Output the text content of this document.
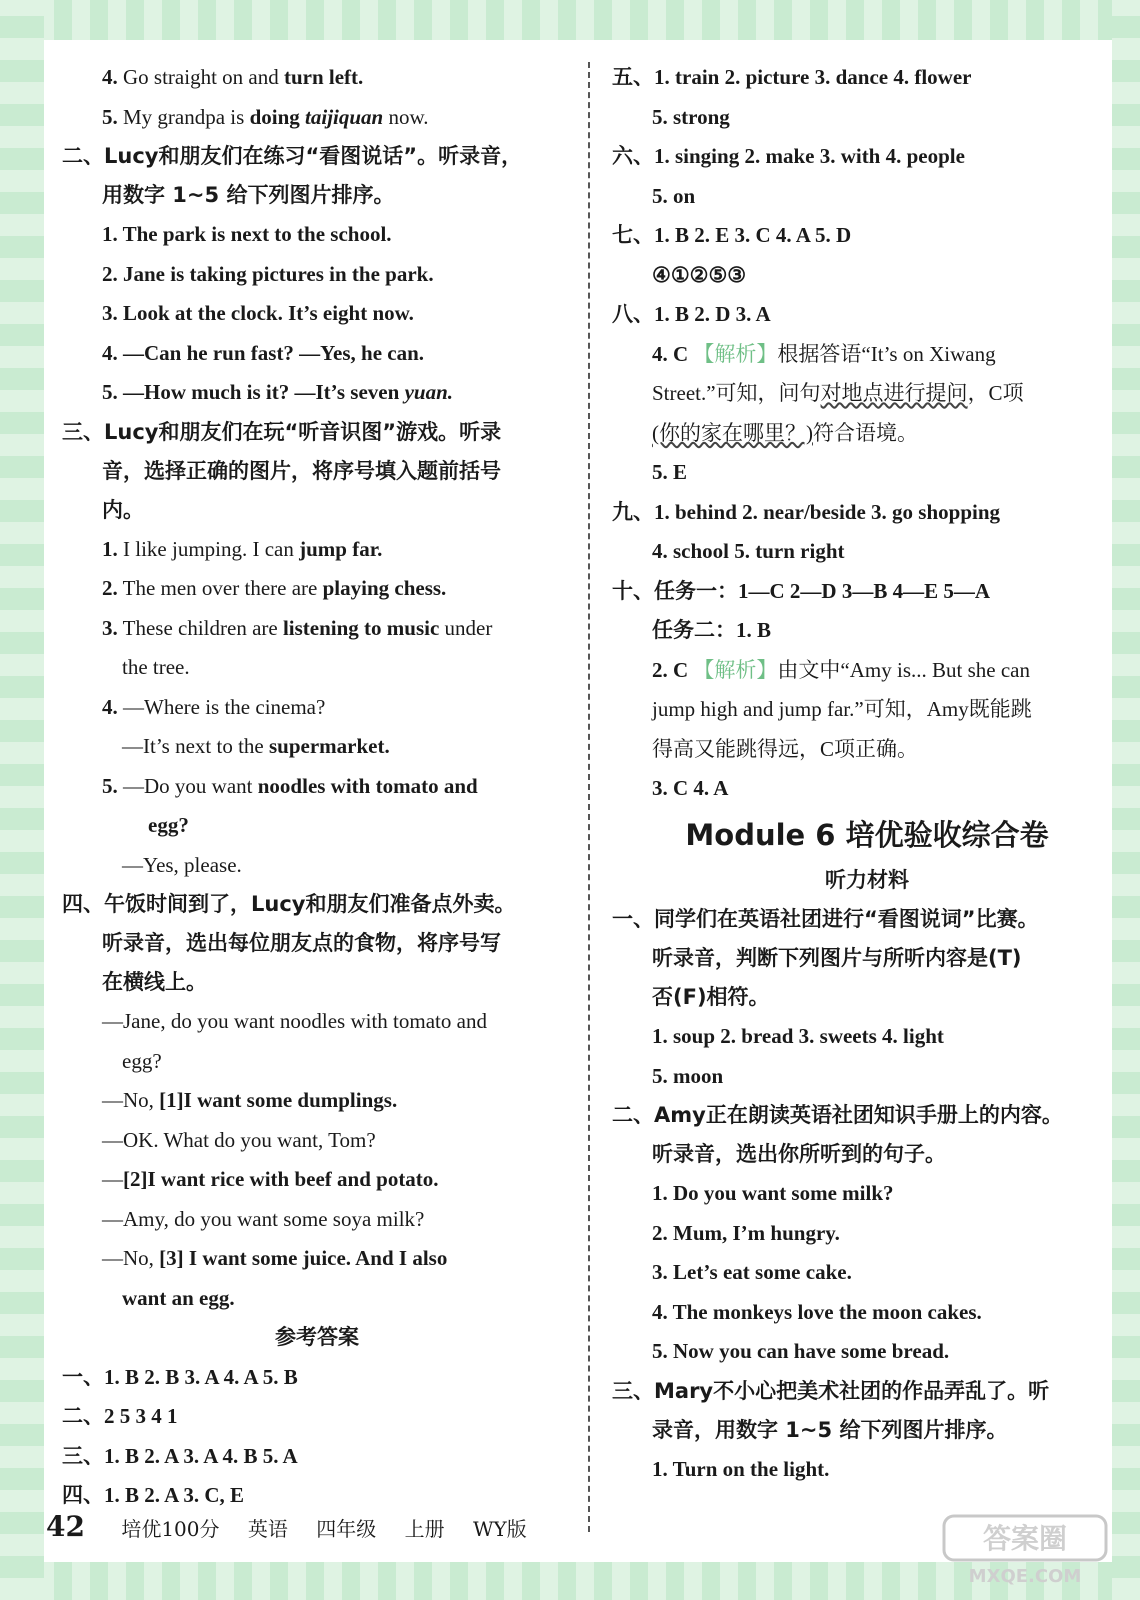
4. Go straight on and turn left.
5. My grandpa is doing taijiquan now.
二、Lucy和朋友们在练习“看图说话”。听录音，
用数字 1~5 给下列图片排序。
1. The park is next to the school.
2. Jane is taking pictures in the park.
3. Look at the clock. It’s eight now.
4. —Can he run fast? —Yes, he can.
5. —How much is it? —It’s seven yuan.
三、Lucy和朋友们在玩“听音识图”游戏。听录
音，选择正确的图片，将序号填入题前括号
内。
1. I like jumping. I can jump far.
2. The men over there are playing chess.
3. These children are listening to music under
the tree.
4. —Where is the cinema?
—It’s next to the supermarket.
5. —Do you want noodles with tomato and
egg?
—Yes, please.
四、午饭时间到了，Lucy和朋友们准备点外卖。
听录音，选出每位朋友点的食物，将序号写
在横线上。
—Jane, do you want noodles with tomato and
egg?
—No, [1]I want some dumplings.
—OK. What do you want, Tom?
—[2]I want rice with beef and potato.
—Amy, do you want some soya milk?
—No, [3] I want some juice. And I also
want an egg.
参考答案
一、1. B 2. B 3. A 4. A 5. B
二、2 5 3 4 1
三、1. B 2. A 3. A 4. B 5. A
四、1. B 2. A 3. C, E
五、1. train 2. picture 3. dance 4. flower
5. strong
六、1. singing 2. make 3. with 4. people
5. on
七、1. B 2. E 3. C 4. A 5. D
④①②⑤③
八、1. B 2. D 3. A
4. C 【解析】根据答语“It’s on Xiwang
Street.”可知，问句对地点进行提问，C项
(你的家在哪里？)符合语境。
5. E
九、1. behind 2. near/beside 3. go shopping
4. school 5. turn right
十、任务一：1—C 2—D 3—B 4—E 5—A
任务二：1. B
2. C 【解析】由文中“Amy is... But she can
jump high and jump far.”可知，Amy既能跳
得高又能跳得远，C项正确。
3. C 4. A
Module 6 培优验收综合卷
听力材料
一、同学们在英语社团进行“看图说词”比赛。
听录音，判断下列图片与所听内容是(T)
否(F)相符。
1. soup 2. bread 3. sweets 4. light
5. moon
二、Amy正在朗读英语社团知识手册上的内容。
听录音，选出你所听到的句子。
1. Do you want some milk?
2. Mum, I’m hungry.
3. Let’s eat some cake.
4. The monkeys love the moon cakes.
5. Now you can have some bread.
三、Mary不小心把美术社团的作品弄乱了。听
录音，用数字 1~5 给下列图片排序。
1. Turn on the light.
42 培优100分 英语 四年级 上册 WY版	答案圈
MXQE.COM
